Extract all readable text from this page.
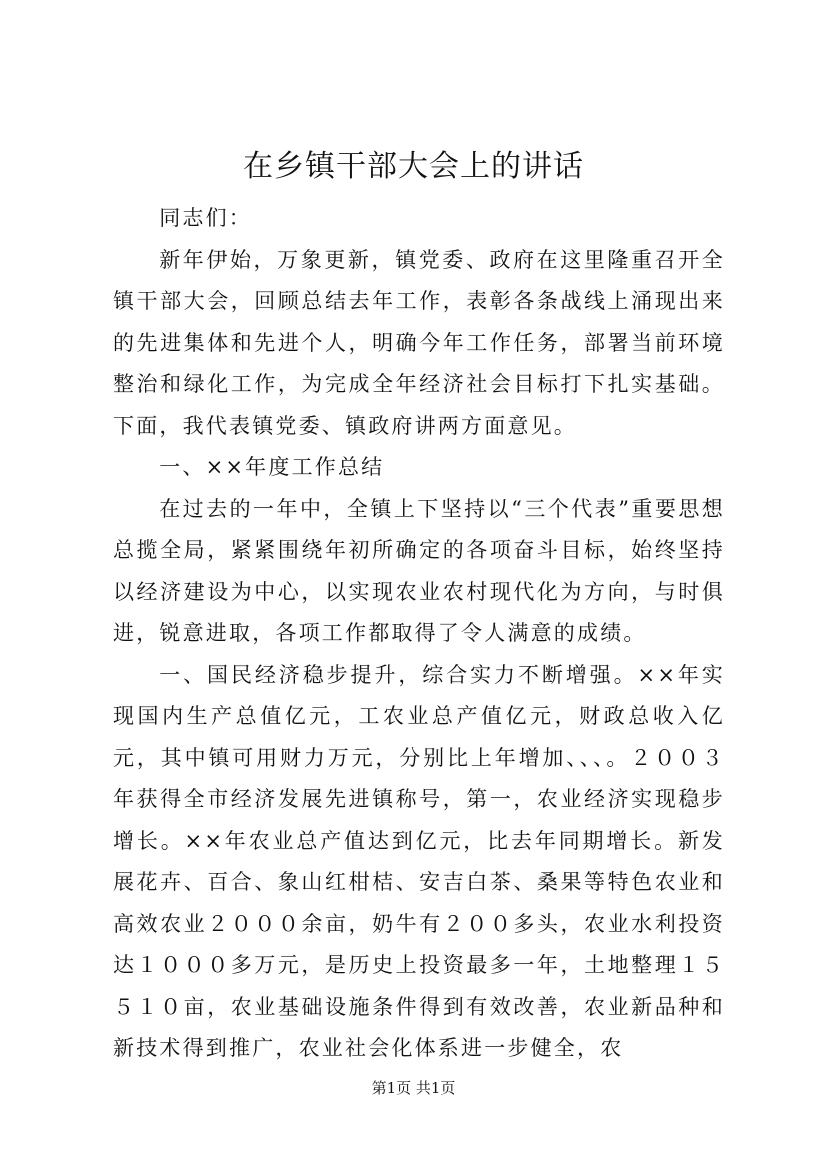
在乡镇干部大会上的讲话

同志们：

新年伊始，万象更新，镇党委、政府在这里隆重召开全镇干部大会，回顾总结去年工作，表彰各条战线上涌现出来的先进集体和先进个人，明确今年工作任务，部署当前环境整治和绿化工作，为完成全年经济社会目标打下扎实基础。下面，我代表镇党委、镇政府讲两方面意见。

一、××年度工作总结

在过去的一年中，全镇上下坚持以“三个代表”重要思想总揽全局，紧紧围绕年初所确定的各项奋斗目标，始终坚持以经济建设为中心，以实现农业农村现代化为方向，与时俱进，锐意进取，各项工作都取得了令人满意的成绩。

一、国民经济稳步提升，综合实力不断增强。××年实现国内生产总值亿元，工农业总产值亿元，财政总收入亿元，其中镇可用财力万元，分别比上年增加、、、。２００３年获得全市经济发展先进镇称号，第一，农业经济实现稳步增长。××年农业总产值达到亿元，比去年同期增长。新发展花卉、百合、象山红柑桔、安吉白茶、桑果等特色农业和高效农业２０００余亩，奶牛有２００多头，农业水利投资达１０００多万元，是历史上投资最多一年，土地整理１５５１０亩，农业基础设施条件得到有效改善，农业新品种和新技术得到推广，农业社会化体系进一步健全，农

第1页 共1页
